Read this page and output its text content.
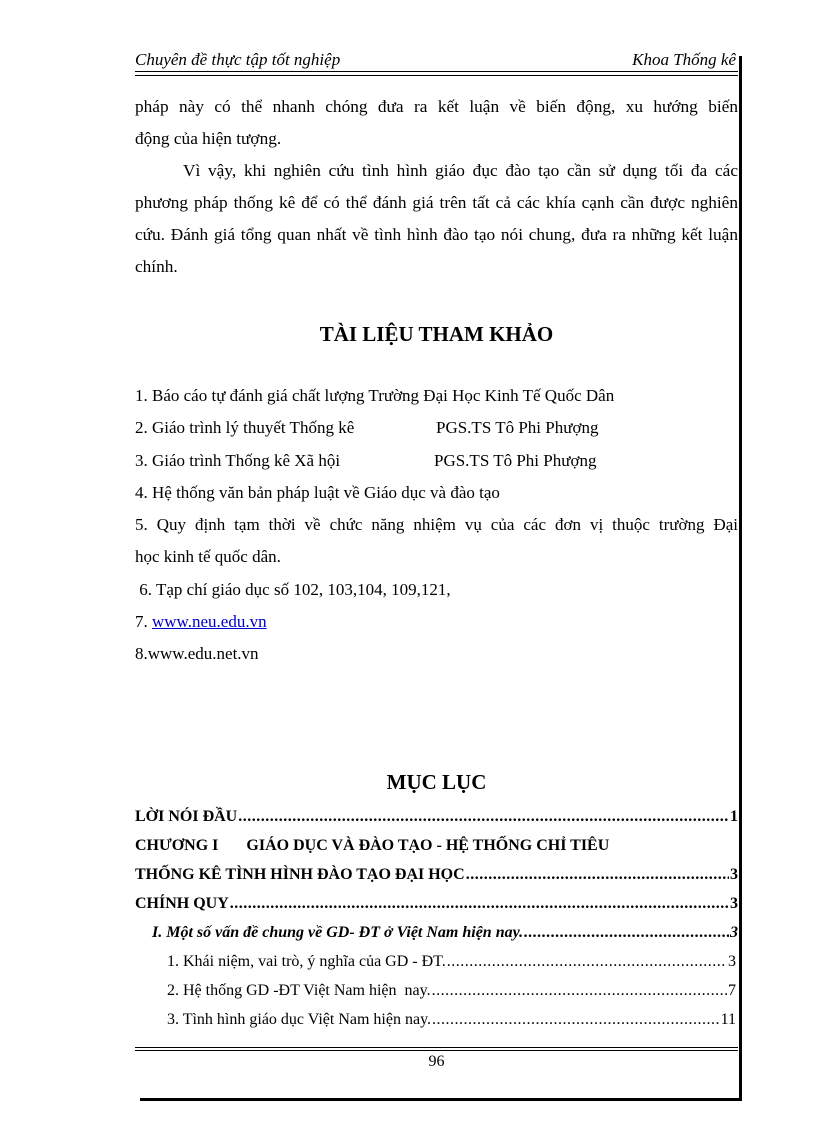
Chuyên đề thực tập tốt nghiệp	Khoa Thống kê

pháp này có thể nhanh chóng đưa ra kết luận về biến động, xu hướng biến

động của hiện tượng.

Vì vậy, khi nghiên cứu tình hình giáo đục đào tạo cần sử dụng tối đa các phương pháp thống kê để có thể đánh giá trên tất cả các khía cạnh cần được nghiên cứu. Đánh giá tổng quan nhất về tình hình đào tạo nói chung, đưa ra những kết luận chính.

TÀI LIỆU THAM KHẢO

1. Báo cáo tự đánh giá chất lượng Trường Đại Học Kinh Tế Quốc Dân

2. Giáo trình lý thuyết Thống kê	PGS.TS Tô Phi Phượng

3. Giáo trình Thống kê Xã hội	PGS.TS Tô Phi Phượng

4. Hệ thống văn bản pháp luật về Giáo dục và đào tạo

5. Quy định tạm thời về chức năng nhiệm vụ của các đơn vị thuộc trường Đại

học kinh tế quốc dân.

6. Tạp chí giáo dục số 102, 103,104, 109,121,

7. www.neu.edu.vn

8.www.edu.net.vn

MỤC LỤC
LỜI NÓI ĐẦU .....	1
CHƯƠNG I       GIÁO DỤC VÀ ĐÀO TẠO - HỆ THỐNG CHỈ TIÊU
THỐNG KÊ TÌNH HÌNH ĐÀO TẠO ĐẠI HỌC .....	3
CHÍNH QUY .....	3
I. Một số vấn đề chung về GD- ĐT ở Việt Nam hiện nay. .....	3
1. Khái niệm, vai trò, ý nghĩa của GD - ĐT. .....	3
2. Hệ thống GD -ĐT Việt Nam hiện  nay. .....	7
3. Tình hình giáo dục Việt Nam hiện nay. .....	11
96
